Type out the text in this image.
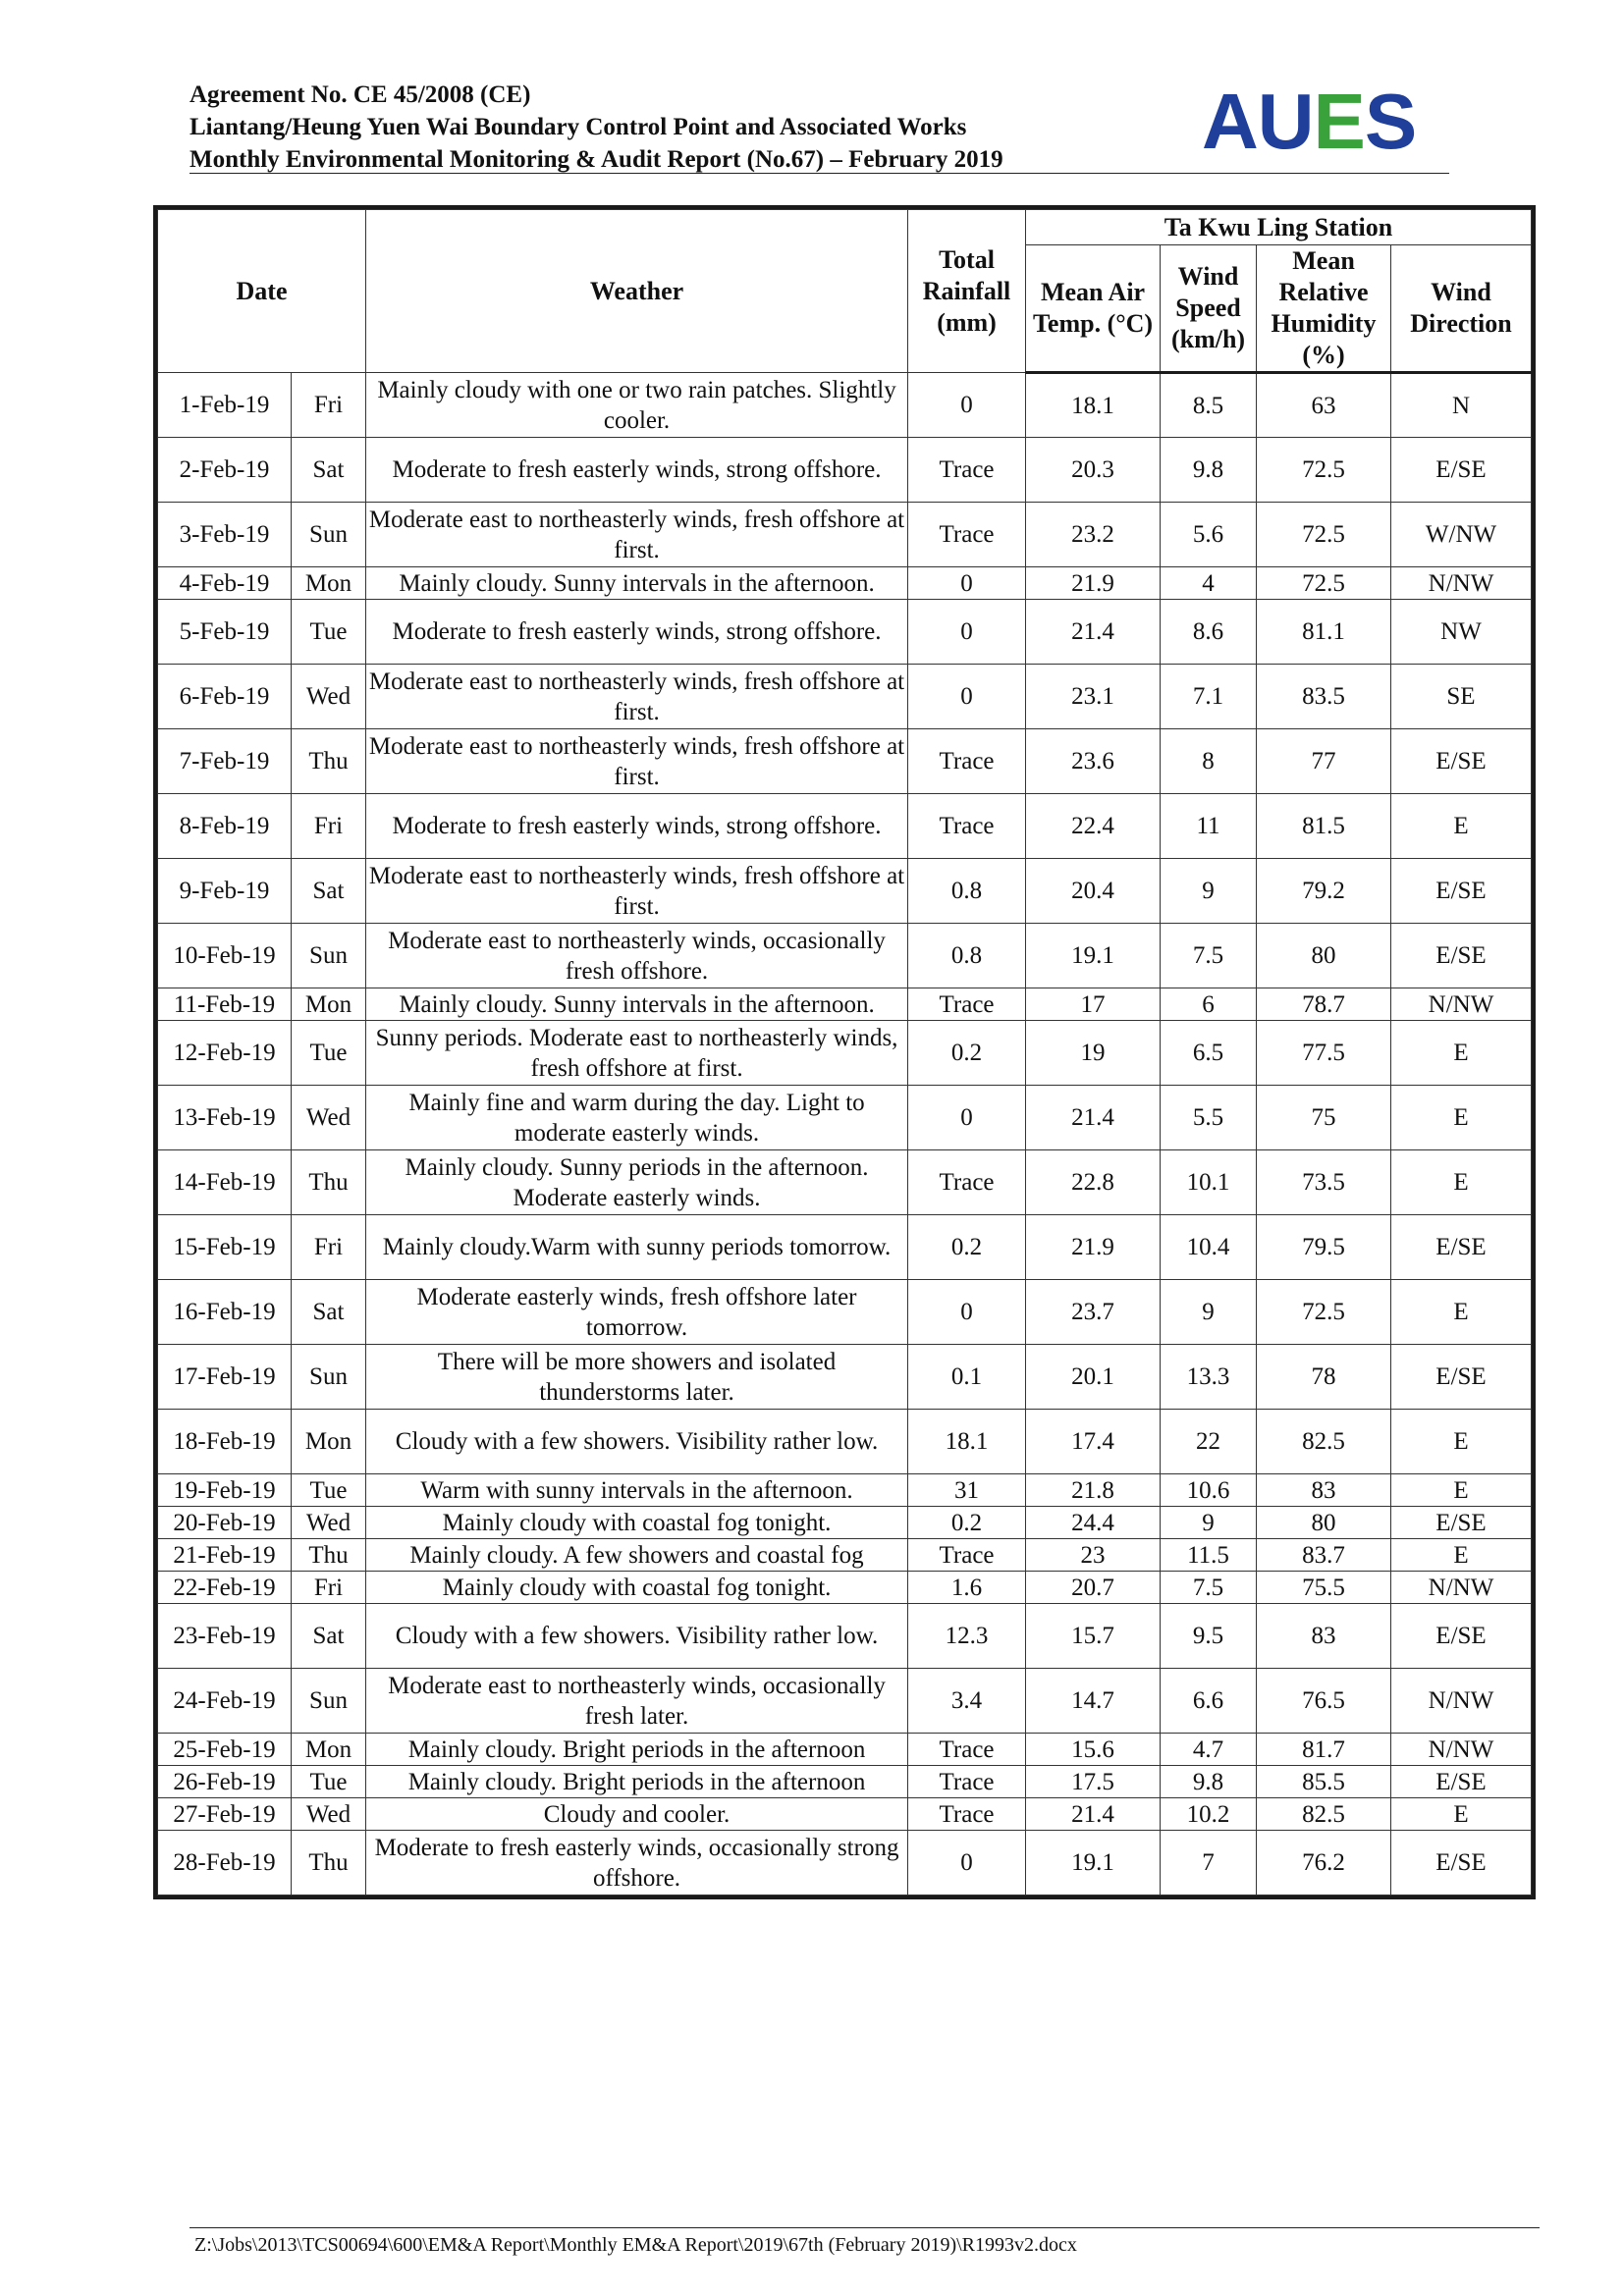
Agreement No. CE 45/2008 (CE)
Liantang/Heung Yuen Wai Boundary Control Point and Associated Works
Monthly Environmental Monitoring & Audit Report (No.67) – February 2019	AUES
Date		Weather	Total Rainfall (mm)	Ta Kwu Ling Station			
				Mean Air Temp. (°C)	Wind Speed (km/h)	Mean Relative Humidity (%)	Wind Direction
1-Feb-19	Fri	Mainly cloudy with one or two rain patches. Slightly cooler.	0	18.1	8.5	63	N
2-Feb-19	Sat	Moderate to fresh easterly winds, strong offshore.	Trace	20.3	9.8	72.5	E/SE
3-Feb-19	Sun	Moderate east to northeasterly winds, fresh offshore at first.	Trace	23.2	5.6	72.5	W/NW
4-Feb-19	Mon	Mainly cloudy. Sunny intervals in the afternoon.	0	21.9	4	72.5	N/NW
5-Feb-19	Tue	Moderate to fresh easterly winds, strong offshore.	0	21.4	8.6	81.1	NW
6-Feb-19	Wed	Moderate east to northeasterly winds, fresh offshore at first.	0	23.1	7.1	83.5	SE
7-Feb-19	Thu	Moderate east to northeasterly winds, fresh offshore at first.	Trace	23.6	8	77	E/SE
8-Feb-19	Fri	Moderate to fresh easterly winds, strong offshore.	Trace	22.4	11	81.5	E
9-Feb-19	Sat	Moderate east to northeasterly winds, fresh offshore at first.	0.8	20.4	9	79.2	E/SE
10-Feb-19	Sun	Moderate east to northeasterly winds, occasionally fresh offshore.	0.8	19.1	7.5	80	E/SE
11-Feb-19	Mon	Mainly cloudy. Sunny intervals in the afternoon.	Trace	17	6	78.7	N/NW
12-Feb-19	Tue	Sunny periods. Moderate east to northeasterly winds, fresh offshore at first.	0.2	19	6.5	77.5	E
13-Feb-19	Wed	Mainly fine and warm during the day. Light to moderate easterly winds.	0	21.4	5.5	75	E
14-Feb-19	Thu	Mainly cloudy. Sunny periods in the afternoon. Moderate easterly winds.	Trace	22.8	10.1	73.5	E
15-Feb-19	Fri	Mainly cloudy.Warm with sunny periods tomorrow.	0.2	21.9	10.4	79.5	E/SE
16-Feb-19	Sat	Moderate easterly winds, fresh offshore later tomorrow.	0	23.7	9	72.5	E
17-Feb-19	Sun	There will be more showers and isolated thunderstorms later.	0.1	20.1	13.3	78	E/SE
18-Feb-19	Mon	Cloudy with a few showers. Visibility rather low.	18.1	17.4	22	82.5	E
19-Feb-19	Tue	Warm with sunny intervals in the afternoon.	31	21.8	10.6	83	E
20-Feb-19	Wed	Mainly cloudy with coastal fog tonight.	0.2	24.4	9	80	E/SE
21-Feb-19	Thu	Mainly cloudy. A few showers and coastal fog	Trace	23	11.5	83.7	E
22-Feb-19	Fri	Mainly cloudy with coastal fog tonight.	1.6	20.7	7.5	75.5	N/NW
23-Feb-19	Sat	Cloudy with a few showers. Visibility rather low.	12.3	15.7	9.5	83	E/SE
24-Feb-19	Sun	Moderate east to northeasterly winds, occasionally fresh later.	3.4	14.7	6.6	76.5	N/NW
25-Feb-19	Mon	Mainly cloudy. Bright periods in the afternoon	Trace	15.6	4.7	81.7	N/NW
26-Feb-19	Tue	Mainly cloudy. Bright periods in the afternoon	Trace	17.5	9.8	85.5	E/SE
27-Feb-19	Wed	Cloudy and cooler.	Trace	21.4	10.2	82.5	E
28-Feb-19	Thu	Moderate to fresh easterly winds, occasionally strong offshore.	0	19.1	7	76.2	E/SE
Z:\Jobs\2013\TCS00694\600\EM&A Report\Monthly EM&A Report\2019\67th (February 2019)\R1993v2.docx
